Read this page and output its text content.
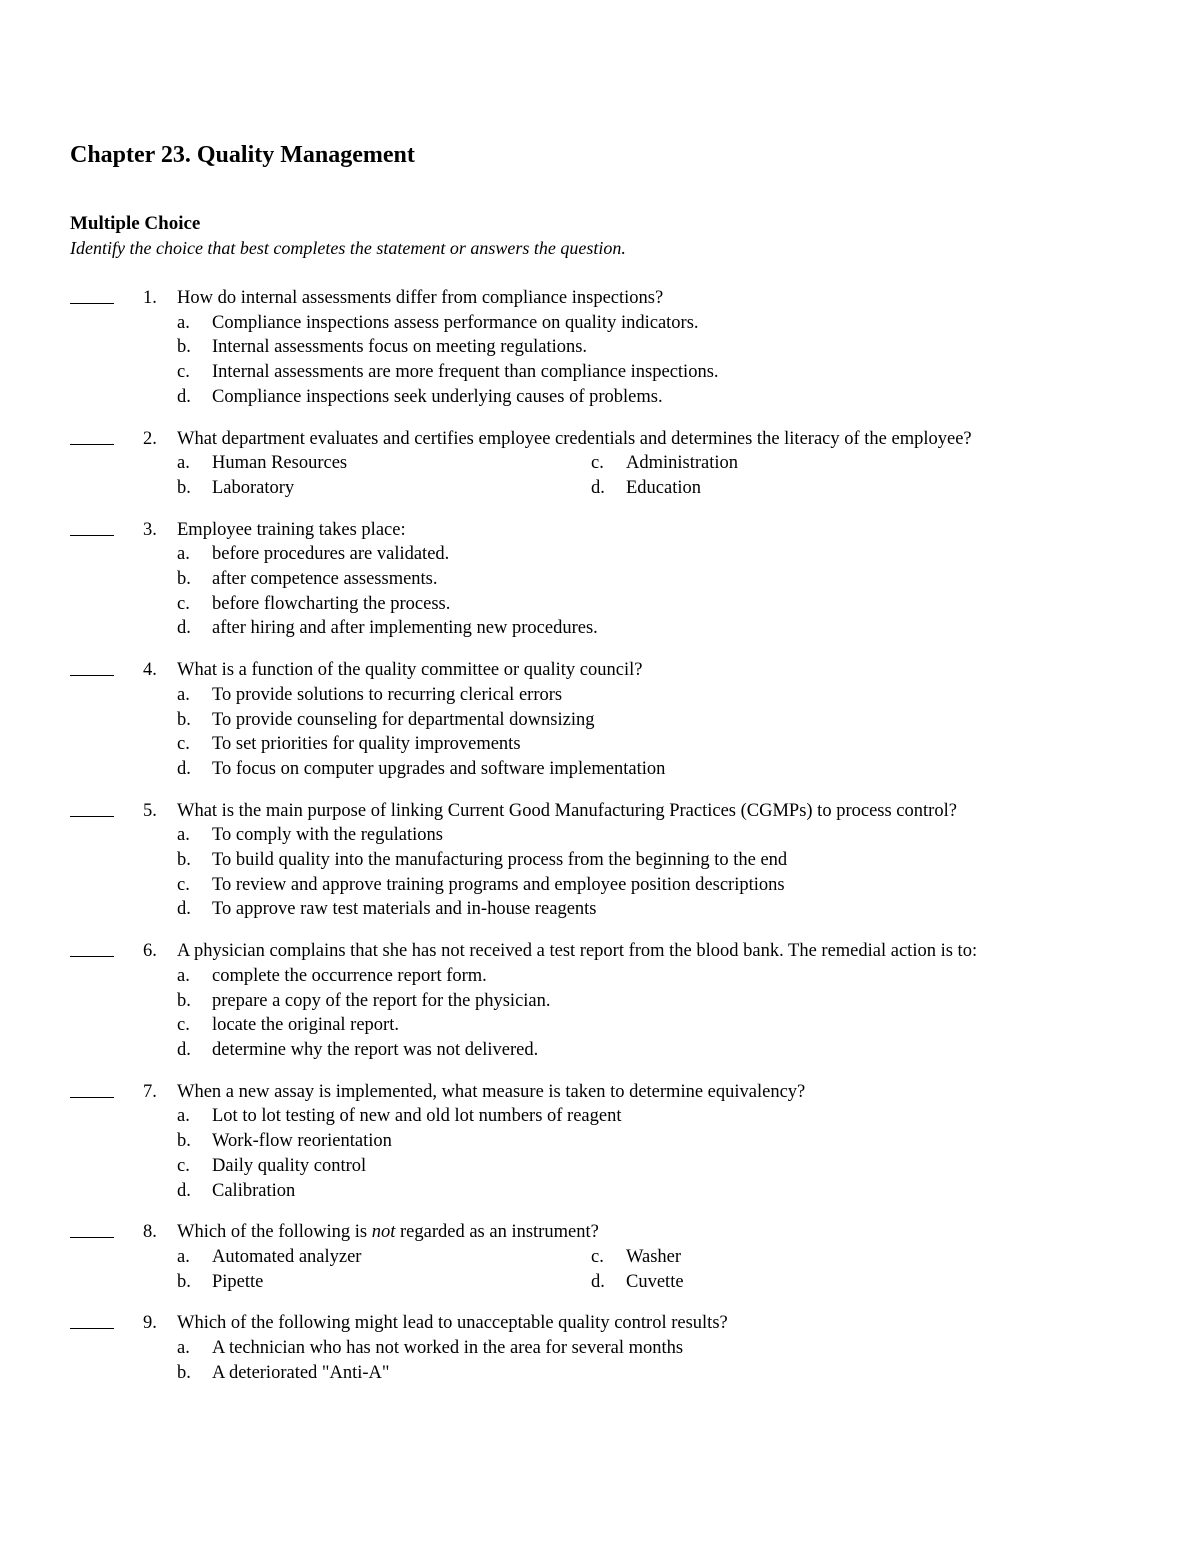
Chapter 23. Quality Management
Multiple Choice
Identify the choice that best completes the statement or answers the question.
1. How do internal assessments differ from compliance inspections?
a. Compliance inspections assess performance on quality indicators.
b. Internal assessments focus on meeting regulations.
c. Internal assessments are more frequent than compliance inspections.
d. Compliance inspections seek underlying causes of problems.
2. What department evaluates and certifies employee credentials and determines the literacy of the employee?
a. Human Resources	c. Administration
b. Laboratory	d. Education
3. Employee training takes place:
a. before procedures are validated.
b. after competence assessments.
c. before flowcharting the process.
d. after hiring and after implementing new procedures.
4. What is a function of the quality committee or quality council?
a. To provide solutions to recurring clerical errors
b. To provide counseling for departmental downsizing
c. To set priorities for quality improvements
d. To focus on computer upgrades and software implementation
5. What is the main purpose of linking Current Good Manufacturing Practices (CGMPs) to process control?
a. To comply with the regulations
b. To build quality into the manufacturing process from the beginning to the end
c. To review and approve training programs and employee position descriptions
d. To approve raw test materials and in-house reagents
6. A physician complains that she has not received a test report from the blood bank. The remedial action is to:
a. complete the occurrence report form.
b. prepare a copy of the report for the physician.
c. locate the original report.
d. determine why the report was not delivered.
7. When a new assay is implemented, what measure is taken to determine equivalency?
a. Lot to lot testing of new and old lot numbers of reagent
b. Work-flow reorientation
c. Daily quality control
d. Calibration
8. Which of the following is not regarded as an instrument?
a. Automated analyzer	c. Washer
b. Pipette	d. Cuvette
9. Which of the following might lead to unacceptable quality control results?
a. A technician who has not worked in the area for several months
b. A deteriorated "Anti-A"
